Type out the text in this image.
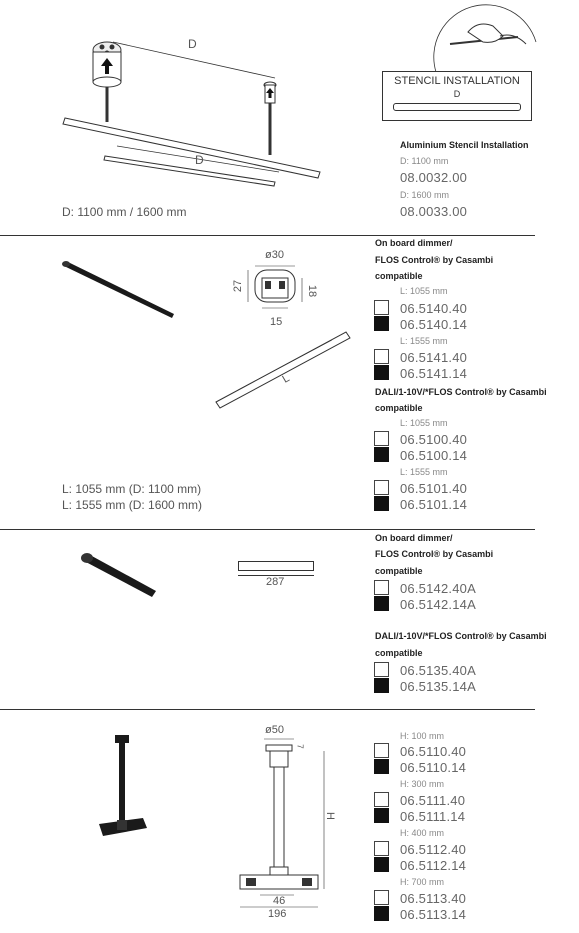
D
D
D: 1100 mm / 1600 mm
STENCIL INSTALLATION
D
Aluminium Stencil Installation
D: 1100 mm
08.0032.00
D: 1600 mm
08.0033.00
ø30
27	18
15
L
L: 1055 mm (D: 1100 mm)
L: 1555 mm (D: 1600 mm)
On board dimmer/
FLOS Control® by Casambi
compatible
L: 1055 mm
06.5140.40
06.5140.14
L: 1555 mm
06.5141.40
06.5141.14
DALI/1-10V/*FLOS Control® by Casambi
compatible
L: 1055 mm
06.5100.40
06.5100.14
L: 1555 mm
06.5101.40
06.5101.14
287
On board dimmer/
FLOS Control® by Casambi
compatible
06.5142.40A
06.5142.14A
DALI/1-10V/*FLOS Control® by Casambi
compatible
06.5135.40A
06.5135.14A
ø50
7
H
46
196
H: 100 mm
06.5110.40
06.5110.14
H: 300 mm
06.5111.40
06.5111.14
H: 400 mm
06.5112.40
06.5112.14
H: 700 mm
06.5113.40
06.5113.14
